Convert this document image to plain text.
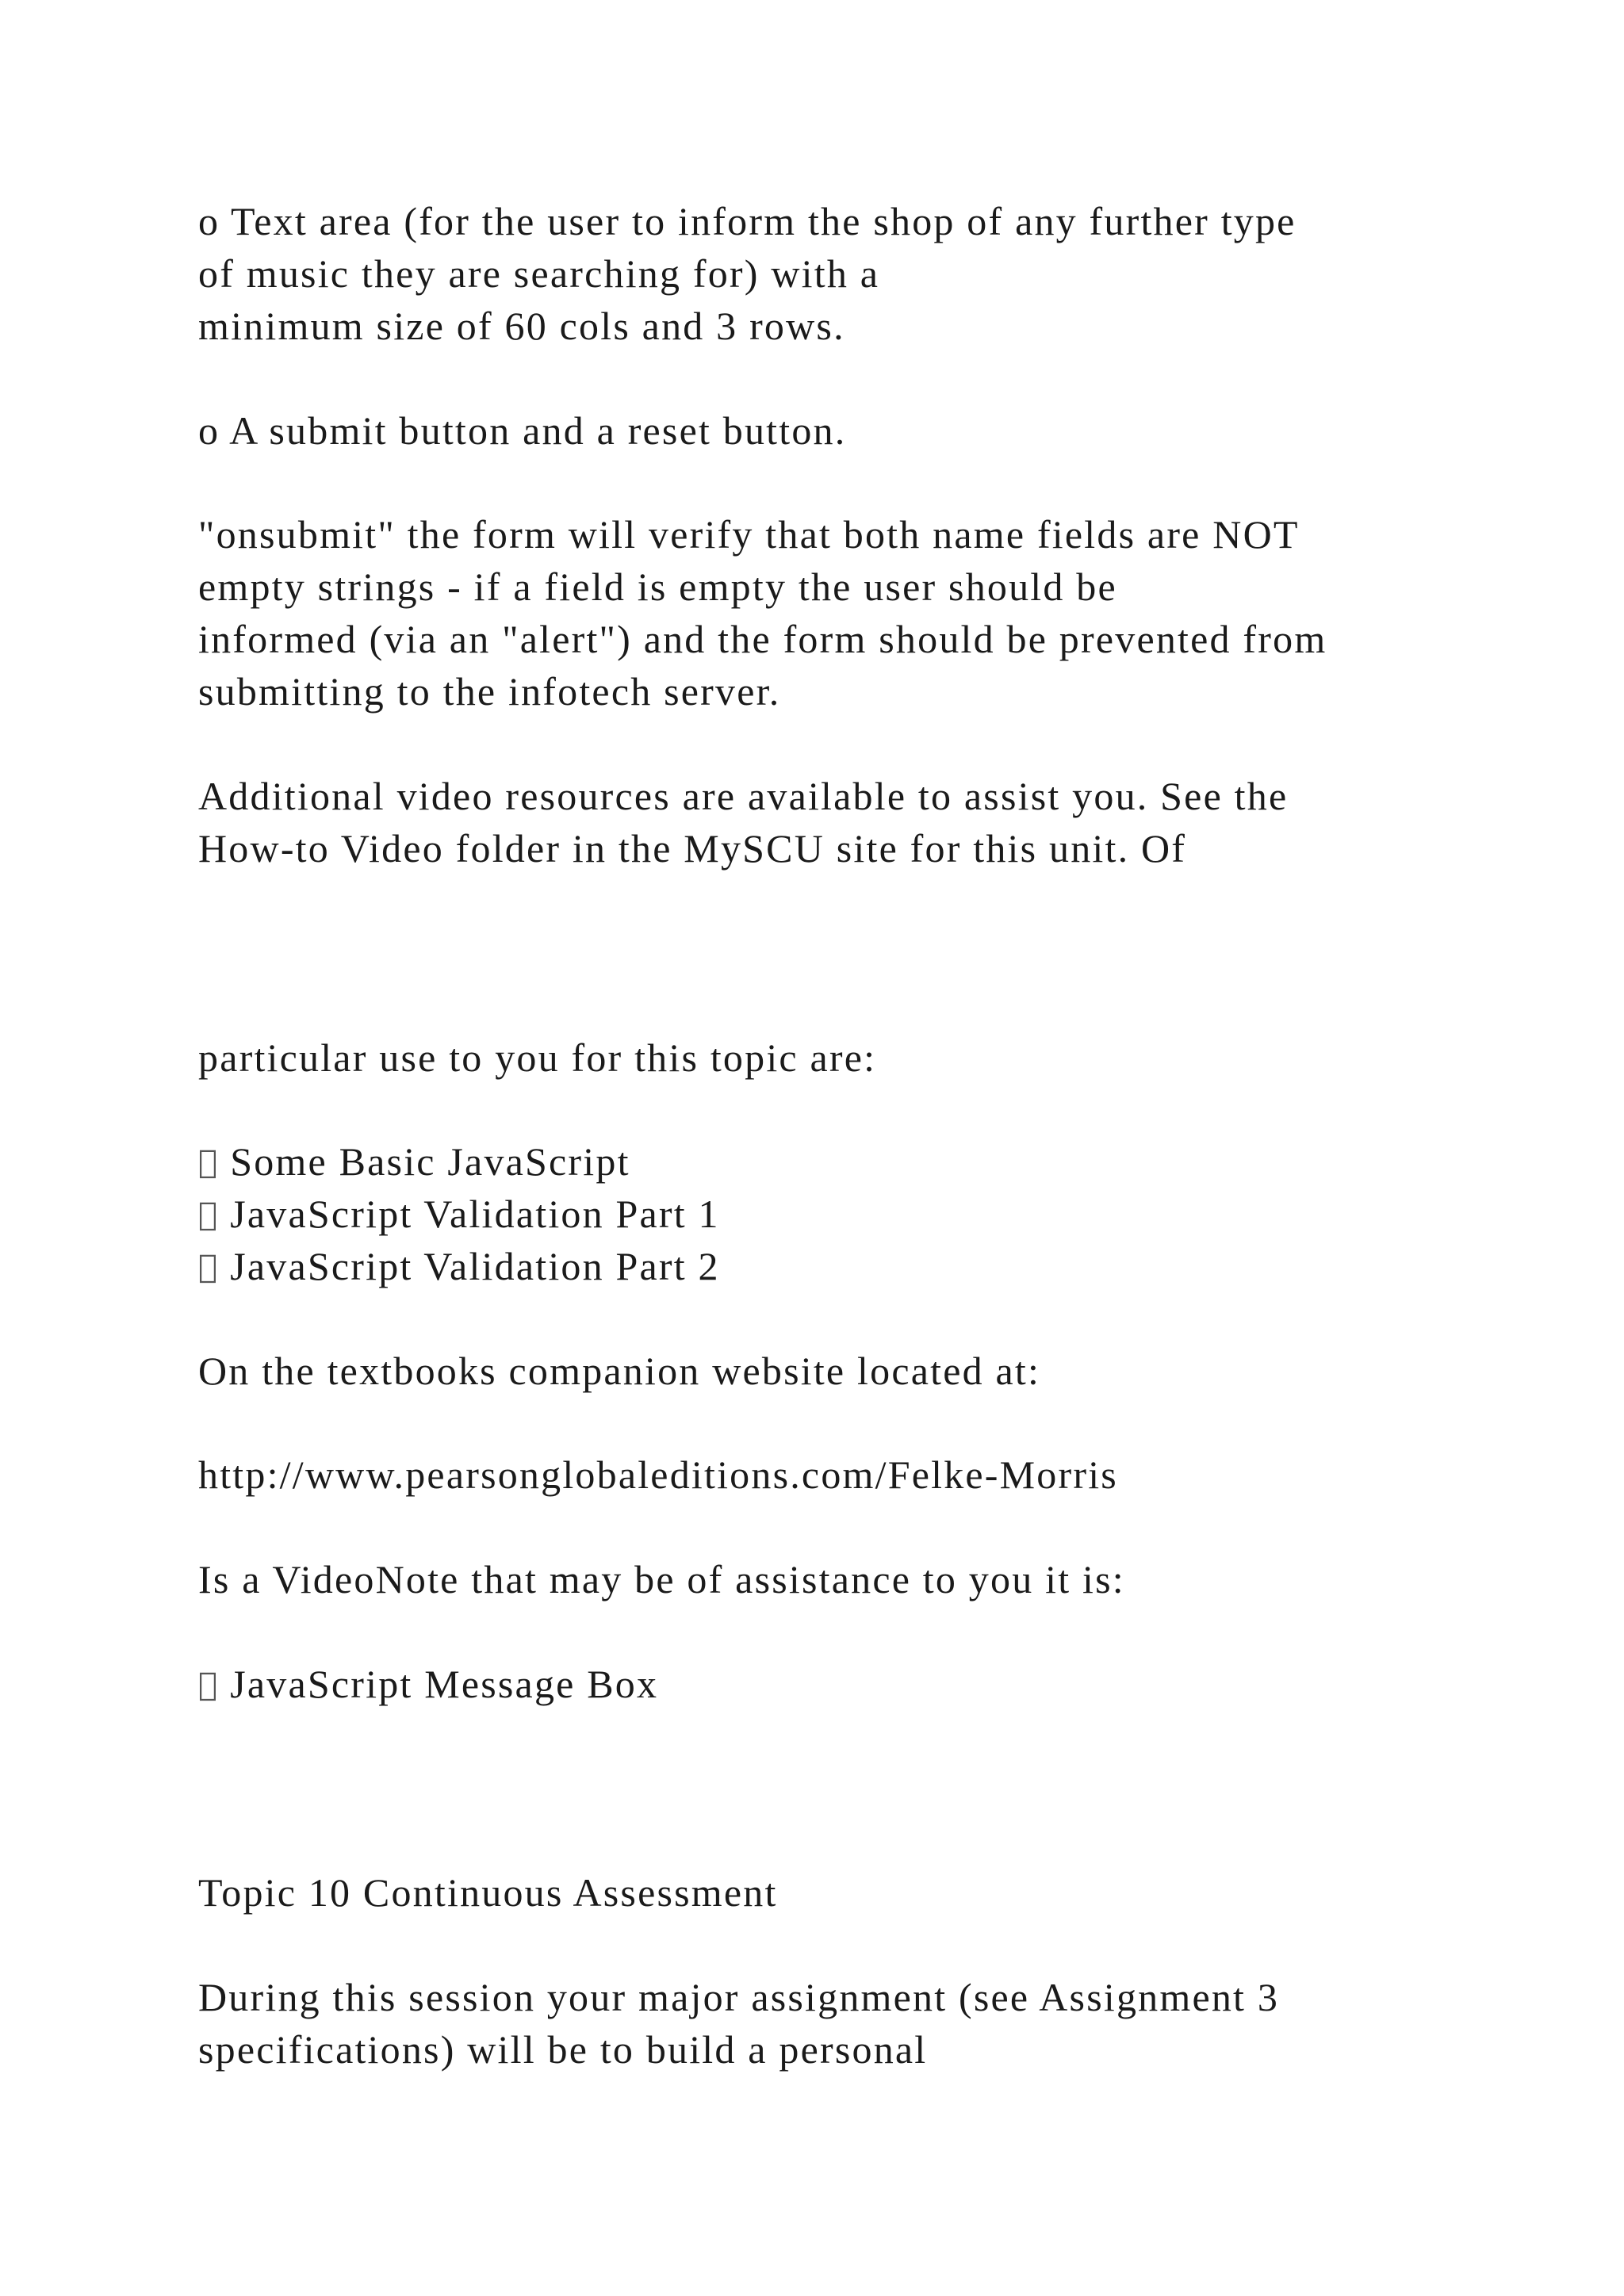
o Text area (for the user to inform the shop of any further type

of music they are searching for) with a

minimum size of 60 cols and 3 rows.

o A submit button and a reset button.

"onsubmit" the form will verify that both name fields are NOT

empty strings - if a field is empty the user should be

informed (via an "alert") and the form should be prevented from

submitting to the infotech server.

Additional video resources are available to assist you. See the

How-to Video folder in the MySCU site for this unit. Of

particular use to you for this topic are:

Some Basic JavaScript

JavaScript Validation Part 1

JavaScript Validation Part 2

On the textbooks companion website located at:

http://www.pearsonglobaleditions.com/Felke-Morris

Is a VideoNote that may be of assistance to you it is:

JavaScript Message Box

Topic 10 Continuous Assessment

During this session your major assignment (see Assignment 3

specifications) will be to build a personal
